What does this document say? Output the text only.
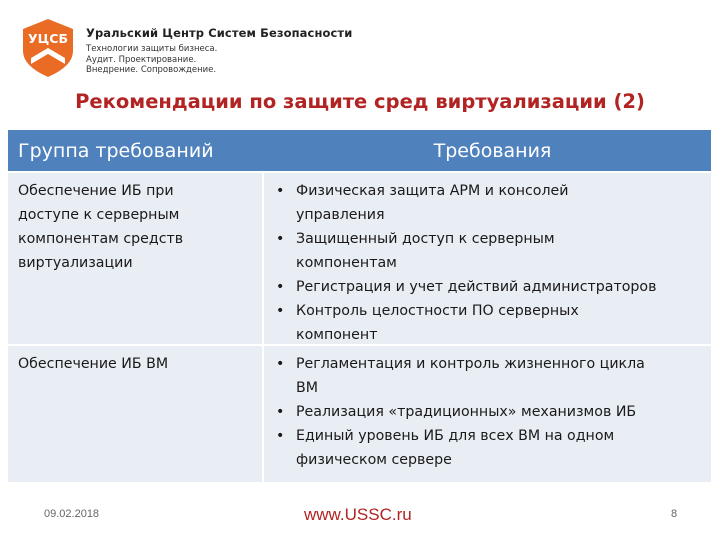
УЦСБ Уральский Центр Систем Безопасности
Технологии защиты бизнеса.
Аудит. Проектирование.
Внедрение. Сопровождение.
Рекомендации по защите сред виртуализации (2)
Группа требований	Требования
Обеспечение ИБ при
доступе к серверным
компонентам средств
виртуализации
• Физическая защита АРМ и консолей
управления
• Защищенный доступ к серверным
компонентам
• Регистрация и учет действий администраторов
• Контроль целостности ПО серверных
компонент
Обеспечение ИБ ВМ
•	Регламентация и контроль жизненного цикла
ВМ
• Реализация «традиционных» механизмов ИБ
• Единый уровень ИБ для всех ВМ на одном
физическом сервере
09.02.2018	www.USSC.ru	8
